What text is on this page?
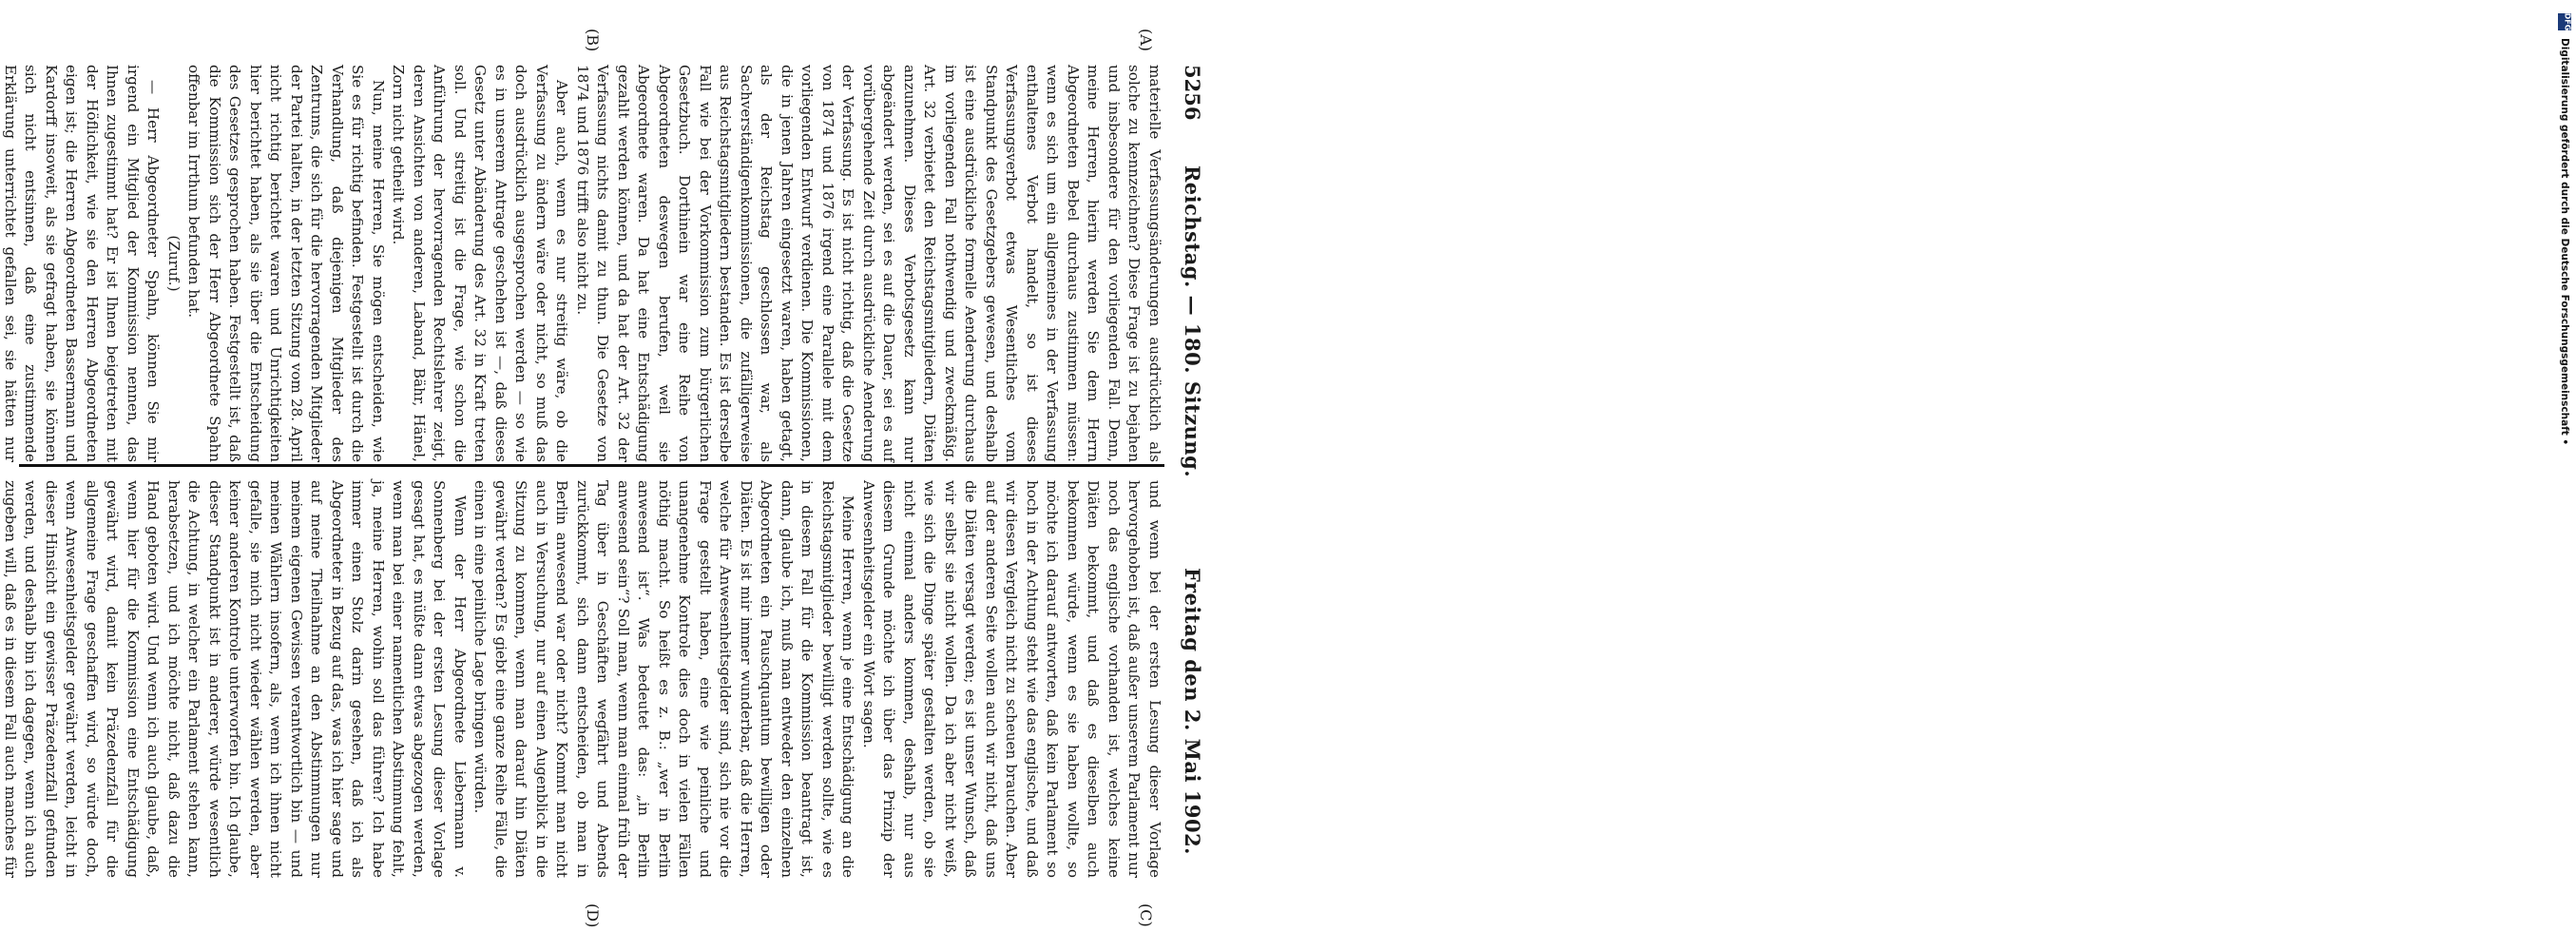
5256
Reichstag. — 180. Sitzung.
Freitag den 2. Mai 1902.
(A)
(B)
(C)
(D)

materielle Verfassungsänderungen ausdrücklich als solche zu kennzeichnen? Diese Frage ist zu bejahen und insbesondere für den vorliegenden Fall. Denn, meine Herren, hierin werden Sie dem Herrn Abgeordneten Bebel durchaus zustimmen müssen: wenn es sich um ein allgemeines in der Verfassung enthaltenes Verbot handelt, so ist dieses Verfassungsverbot etwas Wesentliches vom Standpunkt des Gesetzgebers gewesen, und deshalb ist eine ausdrückliche formelle Aenderung durchaus im vorliegenden Fall nothwendig und zweckmäßig. Art. 32 verbietet den Reichstagsmitgliedern, Diäten anzunehmen. Dieses Verbotsgesetz kann nur abgeändert werden, sei es auf die Dauer, sei es auf vorübergehende Zeit durch ausdrückliche Aenderung der Verfassung. Es ist nicht richtig, daß die Gesetze von 1874 und 1876 irgend eine Parallele mit dem vorliegenden Entwurf verdienen. Die Kommissionen, die in jenen Jahren eingesetzt waren, haben getagt, als der Reichstag geschlossen war, als Sachverständigenkommissionen, die zufälligerweise aus Reichstagsmitgliedern bestanden. Es ist derselbe Fall wie bei der Vorkommission zum bürgerlichen Gesetzbuch. Dorthinein war eine Reihe von Abgeordneten deswegen berufen, weil sie Abgeordnete waren. Da hat eine Entschädigung gezahlt werden können, und da hat der Art. 32 der Verfassung nichts damit zu thun. Die Gesetze von 1874 und 1876 trifft also nicht zu.

Aber auch, wenn es nur streitig wäre, ob die Verfassung zu ändern wäre oder nicht, so muß das doch ausdrücklich ausgesprochen werden — so wie es in unserem Antrage geschehen ist —, daß dieses Gesetz unter Abänderung des Art. 32 in Kraft treten soll. Und streitig ist die Frage, wie schon die Anführung der hervorragenden Rechtslehrer zeigt, deren Ansichten von anderen, Laband, Bähr, Hänel, Zorn nicht getheilt wird.

Nun, meine Herren, Sie mögen entscheiden, wie Sie es für richtig befinden. Festgestellt ist durch die Verhandlung, daß diejenigen Mitglieder des Zentrums, die sich für die hervorragenden Mitglieder der Partei halten, in der letzten Sitzung vom 28. April nicht richtig berichtet waren und Unrichtigkeiten hier berichtet haben, als sie über die Entscheidung des Gesetzes gesprochen haben. Festgestellt ist, daß die Kommission sich der Herr Abgeordnete Spahn offenbar im Irrthum befunden hat.

(Zuruf.)

— Herr Abgeordneter Spahn, können Sie mir irgend ein Mitglied der Kommission nennen, das Ihnen zugestimmt hat? Er ist Ihnen beigetreten mit der Höflichkeit, wie sie den Herren Abgeordneten eigen ist; die Herren Abgeordneten Bassermann und Kardorff insoweit, als sie gefragt haben, sie können sich nicht entsinnen, daß eine zustimmende Erklärung unterrichtet gefallen sei, sie hätten nur

und wenn bei der ersten Lesung dieser Vorlage hervorgehoben ist, daß außer unserem Parlament nur noch das englische vorhanden ist, welches keine Diäten bekommt, und daß es dieselben auch bekommen würde, wenn es sie haben wollte, so möchte ich darauf antworten, daß kein Parlament so hoch in der Achtung steht wie das englische, und daß wir diesen Vergleich nicht zu scheuen brauchen. Aber auf der anderen Seite wollen auch wir nicht, daß uns die Diäten versagt werden; es ist unser Wunsch, daß wir selbst sie nicht wollen. Da ich aber nicht weiß, wie sich die Dinge später gestalten werden, ob sie nicht einmal anders kommen, deshalb, nur aus diesem Grunde möchte ich über das Prinzip der Anwesenheitsgelder ein Wort sagen.

Meine Herren, wenn je eine Entschädigung an die Reichstagsmitglieder bewilligt werden sollte, wie es in diesem Fall für die Kommission beantragt ist, dann, glaube ich, muß man entweder den einzelnen Abgeordneten ein Pauschquantum bewilligen oder Diäten. Es ist mir immer wunderbar, daß die Herren, welche für Anwesenheitsgelder sind, sich nie vor die Frage gestellt haben, eine wie peinliche und unangenehme Kontrole dies doch in vielen Fällen nöthig macht. So heißt es z. B.: „wer in Berlin anwesend ist“. Was bedeutet das: „in Berlin anwesend sein“? Soll man, wenn man einmal früh der Tag über in Geschäften wegfährt und Abends zurückkommt, sich dann entscheiden, ob man in Berlin anwesend war oder nicht? Kommt man nicht auch in Versuchung, nur auf einen Augenblick in die Sitzung zu kommen, wenn man darauf hin Diäten gewährt werden? Es giebt eine ganze Reihe Fälle, die einen in eine peinliche Lage bringen würden.

Wenn der Herr Abgeordnete Liebermann v. Sonnenberg bei der ersten Lesung dieser Vorlage gesagt hat, es müßte dann etwas abgezogen werden, wenn man bei einer namentlichen Abstimmung fehlt, ja, meine Herren, wohin soll das führen? Ich habe immer einen Stolz darin gesehen, daß ich als Abgeordneter in Bezug auf das, was ich hier sage und auf meine Theilnahme an den Abstimmungen nur meinem eigenen Gewissen verantwortlich bin — und meinen Wählern insofern, als, wenn ich ihnen nicht gefalle, sie mich nicht wieder wählen werden, aber keiner anderen Kontrole unterworfen bin. Ich glaube, dieser Standpunkt ist in anderer, würde wesentlich die Achtung, in welcher ein Parlament stehen kann, herabsetzen, und ich möchte nicht, daß dazu die Hand geboten wird. Und wenn ich auch glaube, daß, wenn hier für die Kommission eine Entschädigung gewährt wird, damit kein Präzedenzfall für die allgemeine Frage geschaffen wird, so würde doch, wenn Anwesenheitsgelder gewährt werden, leicht in dieser Hinsicht ein gewisser Präzedenzfall gefunden werden, und deshalb bin ich dagegen, wenn ich auch zugeben will, daß es in diesem Fall auch manches für

DFG
Digitalisierung gefördert durch die Deutsche Forschungsgemeinschaft •
